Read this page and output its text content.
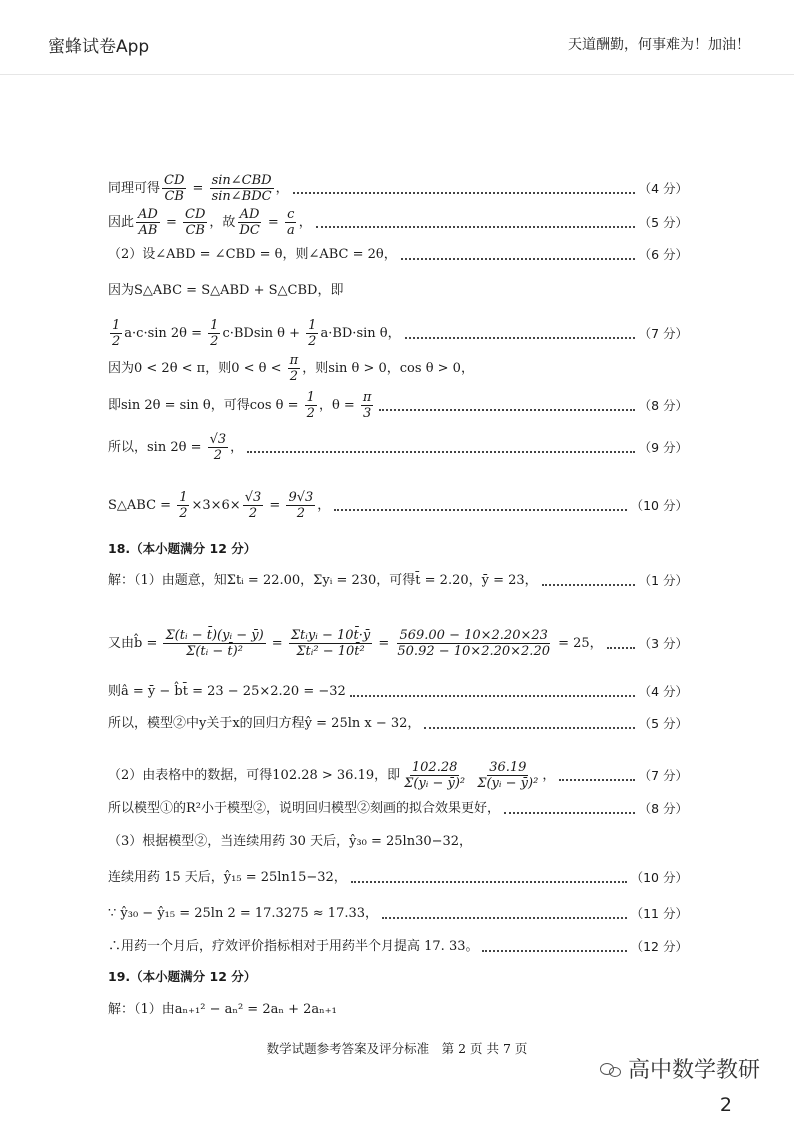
蜜蜂试卷App	天道酬勤，何事难为！加油！
同理可得 $\frac{CD}{CB} = \frac{\text{sin∠CBD}}{\text{sin∠BDC}}$ ，	（4 分）
因此 $\frac{AD}{AB} = \frac{CD}{CB}$ ，故 $\frac{AD}{DC} = \frac{c}{a}$ ，	（5 分）
（2）设∠ABD = ∠CBD = θ，则∠ABC = 2θ，	（6 分）
因为S△ABC = S△ABD + S△CBD，即
$\frac{1}{2} a\cdot c\cdot\sin$ $2\theta = \frac{1}{2} c\cdot BDsin$ $\theta + \frac{1}{2} a\cdot BD\cdot\sin$ θ，	（7 分）
因为0 < 2θ < π，则$0 < \theta < \frac{\pi}{2}$ ，则sin θ > 0，cos θ > 0，
即sin 2θ = sin θ，可得$\cos \theta = \frac{1}{2}$ ，$\theta = \frac{\pi}{3}$	（8 分）
所以，$\sin 2\theta = \frac{√3}{2}$ ，	（9 分）
S△ABC = $\frac{1}{2} \times 3\times 6\times \frac{√3}{2} = \frac{9√3}{2}$ ，	（10 分）
18.（本小题满分 12 分）
解：（1）由题意，知Σtᵢ = 22.00，Σyᵢ = 230，可得t̄ = 2.20，ȳ = 23，	（1 分）
又由b̂ = $\frac{\text{Σ(tᵢ − t̄)(yᵢ − ȳ)}}{\text{Σ(tᵢ − t̄)²}} = \frac{\text{Σtᵢyᵢ − 10t̄·ȳ}}{\text{Σtᵢ² − 10t̄²}} = \frac{569.00 - 10\times 2.20\times 23}{50.92 - 10\times 2.20\times 2.20} = 25$，	（3 分）
则â = ȳ − b̂t̄ = 23 − 25×2.20 = −32	（4 分）
所以，模型②中y关于x的回归方程ŷ = 25ln x − 32，	（5 分）
（2）由表格中的数据，可得102.28 > 36.19，即 $\frac{102.28}{\text{Σ(yᵢ − ȳ)²}}$
$\frac{36.19}{\text{Σ(yᵢ − ȳ)²}}$ ，	（7 分）
所以模型①的R²小于模型②，说明回归模型②刻画的拟合效果更好，	（8 分）
（3）根据模型②，当连续用药 30 天后，ŷ₃₀ = 25ln30−32，
连续用药 15 天后，ŷ₁₅ = 25ln15−32，	（10 分）
∵ ŷ₃₀ − ŷ₁₅ = 25ln 2 = 17.3275 ≈ 17.33，	（11 分）
∴用药一个月后，疗效评价指标相对于用药半个月提高 17. 33。	（12 分）
19.（本小题满分 12 分）
解：（1）由aₙ₊₁² − aₙ² = 2aₙ + 2aₙ₊₁
数学试题参考答案及评分标准　第 2 页 共 7 页
高中数学教研
2
